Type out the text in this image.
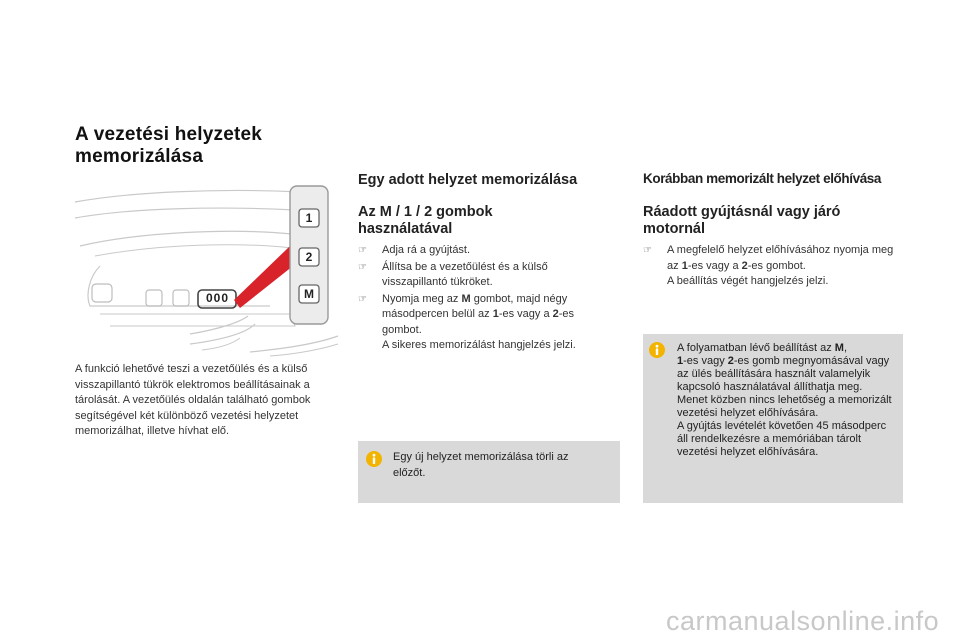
A vezetési helyzetek
memorizálása
000
1
2
M
A funkció lehetővé teszi a vezetőülés és a külső visszapillantó tükrök elektromos beállításainak a tárolását. A vezetőülés oldalán található gombok segítségével két különböző vezetési helyzetet memorizálhat, illetve hívhat elő.
Egy adott helyzet memorizálása
Az M / 1 / 2 gombok használatával
☞ Adja rá a gyújtást.
☞ Állítsa be a vezetőülést és a külső visszapillantó tükröket.
☞ Nyomja meg az M gombot, majd négy másodpercen belül az 1-es vagy a 2-es gombot.
A sikeres memorizálást hangjelzés jelzi.
Egy új helyzet memorizálása törli az előzőt.
Korábban memorizált helyzet előhívása
Ráadott gyújtásnál vagy járó motornál
☞ A megfelelő helyzet előhívásához nyomja meg az 1-es vagy a 2-es gombot.
A beállítás végét hangjelzés jelzi.

A folyamatban lévő beállítást az M,
1-es vagy 2-es gomb megnyomásával vagy az ülés beállítására használt valamelyik kapcsoló használatával állíthatja meg.

Menet közben nincs lehetőség a memorizált vezetési helyzet előhívására.

A gyújtás levételét követően 45 másodperc áll rendelkezésre a memóriában tárolt vezetési helyzet előhívására.

carmanualsonline.info
